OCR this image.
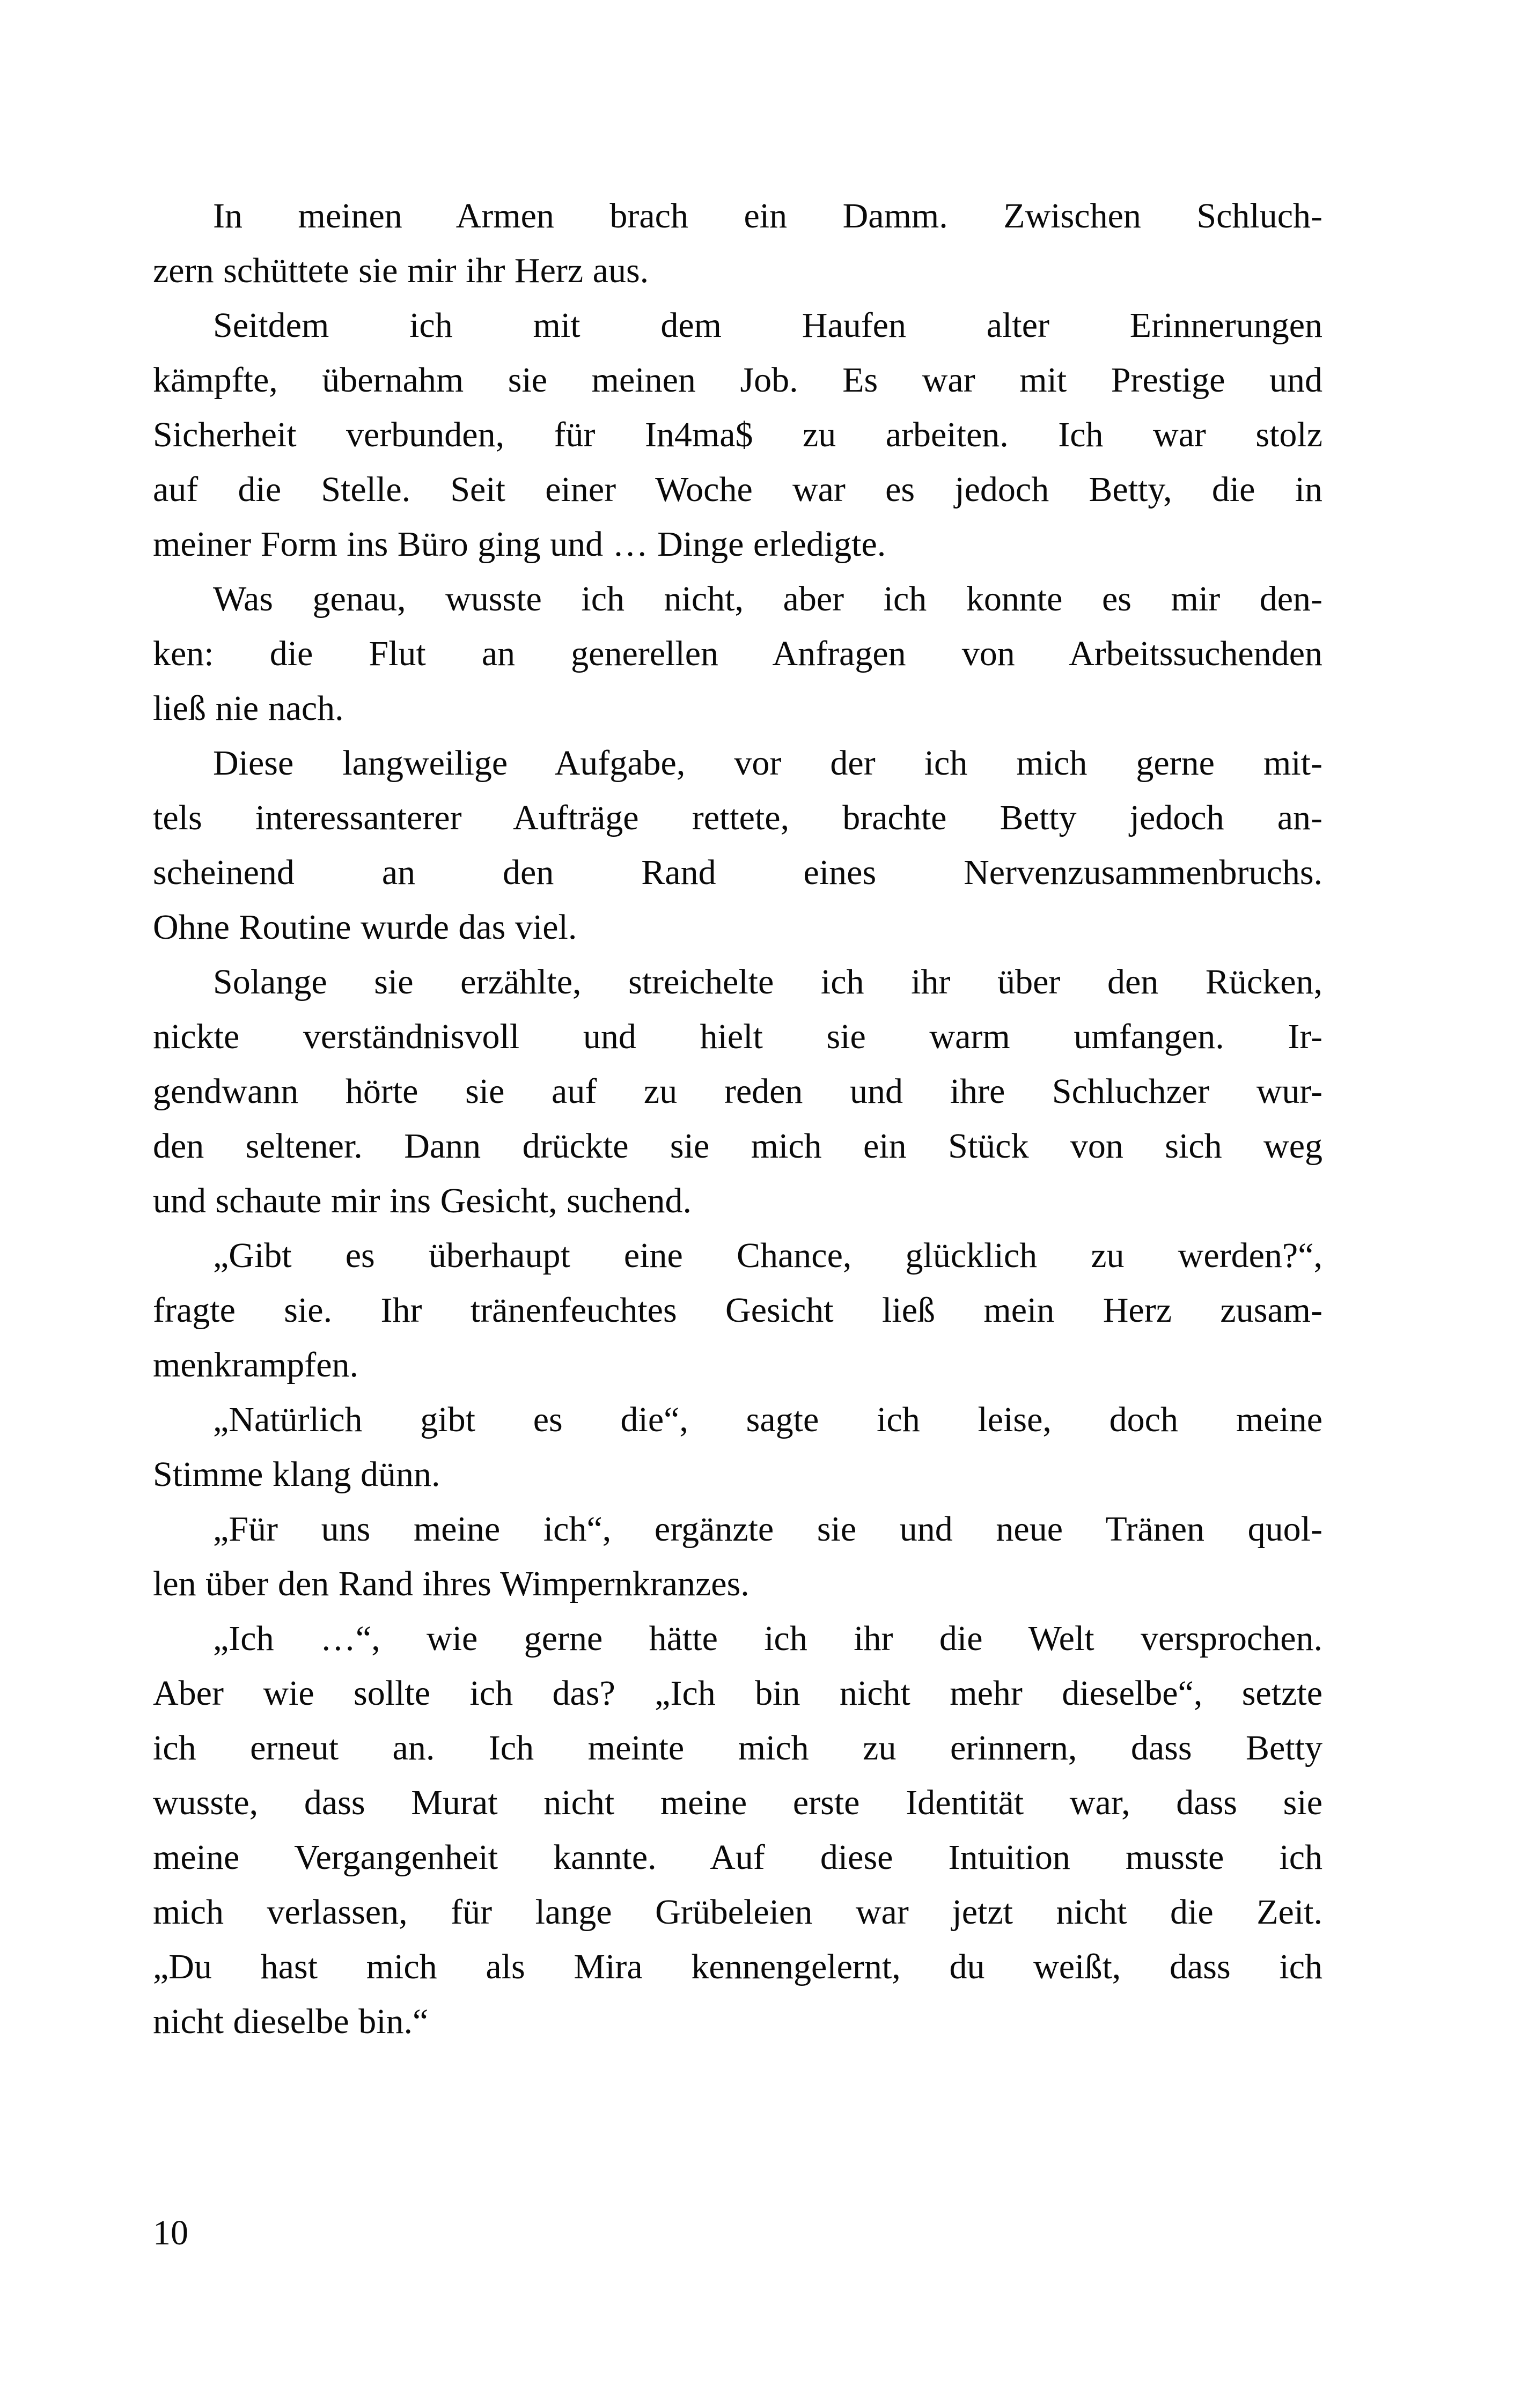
In meinen Armen brach ein Damm. Zwischen Schluch-
zern schüttete sie mir ihr Herz aus.

Seitdem ich mit dem Haufen alter Erinnerungen
kämpfte, übernahm sie meinen Job. Es war mit Prestige und
Sicherheit verbunden, für In4ma$ zu arbeiten. Ich war stolz
auf die Stelle. Seit einer Woche war es jedoch Betty, die in
meiner Form ins Büro ging und … Dinge erledigte.

Was genau, wusste ich nicht, aber ich konnte es mir den-
ken: die Flut an generellen Anfragen von Arbeitssuchenden
ließ nie nach.

Diese langweilige Aufgabe, vor der ich mich gerne mit-
tels interessanterer Aufträge rettete, brachte Betty jedoch an-
scheinend an den Rand eines Nervenzusammenbruchs.
Ohne Routine wurde das viel.

Solange sie erzählte, streichelte ich ihr über den Rücken,
nickte verständnisvoll und hielt sie warm umfangen. Ir-
gendwann hörte sie auf zu reden und ihre Schluchzer wur-
den seltener. Dann drückte sie mich ein Stück von sich weg
und schaute mir ins Gesicht, suchend.

„Gibt es überhaupt eine Chance, glücklich zu werden?“,
fragte sie. Ihr tränenfeuchtes Gesicht ließ mein Herz zusam-
menkrampfen.

„Natürlich gibt es die“, sagte ich leise, doch meine
Stimme klang dünn.

„Für uns meine ich“, ergänzte sie und neue Tränen quol-
len über den Rand ihres Wimpernkranzes.

„Ich …“, wie gerne hätte ich ihr die Welt versprochen.
Aber wie sollte ich das? „Ich bin nicht mehr dieselbe“, setzte
ich erneut an. Ich meinte mich zu erinnern, dass Betty
wusste, dass Murat nicht meine erste Identität war, dass sie
meine Vergangenheit kannte. Auf diese Intuition musste ich
mich verlassen, für lange Grübeleien war jetzt nicht die Zeit.
„Du hast mich als Mira kennengelernt, du weißt, dass ich
nicht dieselbe bin.“

10
